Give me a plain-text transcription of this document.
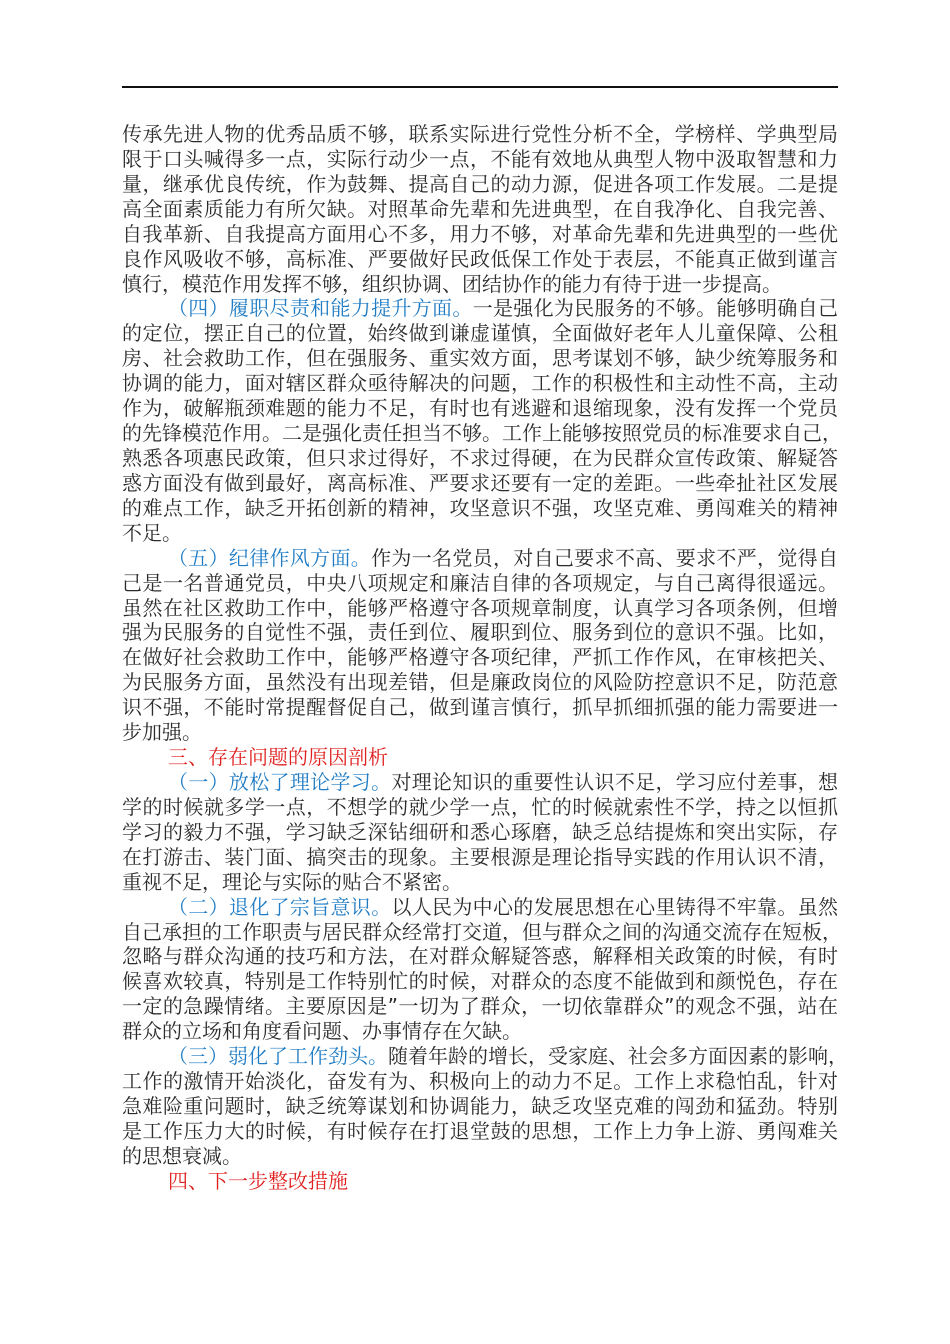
传承先进人物的优秀品质不够，联系实际进行党性分析不全，学榜样、学典型局
限于口头喊得多一点，实际行动少一点，不能有效地从典型人物中汲取智慧和力
量，继承优良传统，作为鼓舞、提高自己的动力源，促进各项工作发展。二是提
高全面素质能力有所欠缺。对照革命先辈和先进典型，在自我净化、自我完善、
自我革新、自我提高方面用心不多，用力不够，对革命先辈和先进典型的一些优
良作风吸收不够，高标准、严要做好民政低保工作处于表层，不能真正做到谨言
慎行，模范作用发挥不够，组织协调、团结协作的能力有待于进一步提高。
（四）履职尽责和能力提升方面。一是强化为民服务的不够。能够明确自己
的定位，摆正自己的位置，始终做到谦虚谨慎，全面做好老年人儿童保障、公租
房、社会救助工作，但在强服务、重实效方面，思考谋划不够，缺少统筹服务和
协调的能力，面对辖区群众亟待解决的问题，工作的积极性和主动性不高，主动
作为，破解瓶颈难题的能力不足，有时也有逃避和退缩现象，没有发挥一个党员
的先锋模范作用。二是强化责任担当不够。工作上能够按照党员的标准要求自己，
熟悉各项惠民政策，但只求过得好，不求过得硬，在为民群众宣传政策、解疑答
惑方面没有做到最好，离高标准、严要求还要有一定的差距。一些牵扯社区发展
的难点工作，缺乏开拓创新的精神，攻坚意识不强，攻坚克难、勇闯难关的精神
不足。
（五）纪律作风方面。作为一名党员，对自己要求不高、要求不严，觉得自
己是一名普通党员，中央八项规定和廉洁自律的各项规定，与自己离得很遥远。
虽然在社区救助工作中，能够严格遵守各项规章制度，认真学习各项条例，但增
强为民服务的自觉性不强，责任到位、履职到位、服务到位的意识不强。比如，
在做好社会救助工作中，能够严格遵守各项纪律，严抓工作作风，在审核把关、
为民服务方面，虽然没有出现差错，但是廉政岗位的风险防控意识不足，防范意
识不强，不能时常提醒督促自己，做到谨言慎行，抓早抓细抓强的能力需要进一
步加强。
三、存在问题的原因剖析
（一）放松了理论学习。对理论知识的重要性认识不足，学习应付差事，想
学的时候就多学一点，不想学的就少学一点，忙的时候就索性不学，持之以恒抓
学习的毅力不强，学习缺乏深钻细研和悉心琢磨，缺乏总结提炼和突出实际，存
在打游击、装门面、搞突击的现象。主要根源是理论指导实践的作用认识不清，
重视不足，理论与实际的贴合不紧密。
（二）退化了宗旨意识。以人民为中心的发展思想在心里铸得不牢靠。虽然
自己承担的工作职责与居民群众经常打交道，但与群众之间的沟通交流存在短板，
忽略与群众沟通的技巧和方法，在对群众解疑答惑，解释相关政策的时候，有时
候喜欢较真，特别是工作特别忙的时候，对群众的态度不能做到和颜悦色，存在
一定的急躁情绪。主要原因是”一切为了群众，一切依靠群众”的观念不强，站在
群众的立场和角度看问题、办事情存在欠缺。
（三）弱化了工作劲头。随着年龄的增长，受家庭、社会多方面因素的影响，
工作的激情开始淡化，奋发有为、积极向上的动力不足。工作上求稳怕乱，针对
急难险重问题时，缺乏统筹谋划和协调能力，缺乏攻坚克难的闯劲和猛劲。特别
是工作压力大的时候，有时候存在打退堂鼓的思想，工作上力争上游、勇闯难关
的思想衰减。
四、下一步整改措施
